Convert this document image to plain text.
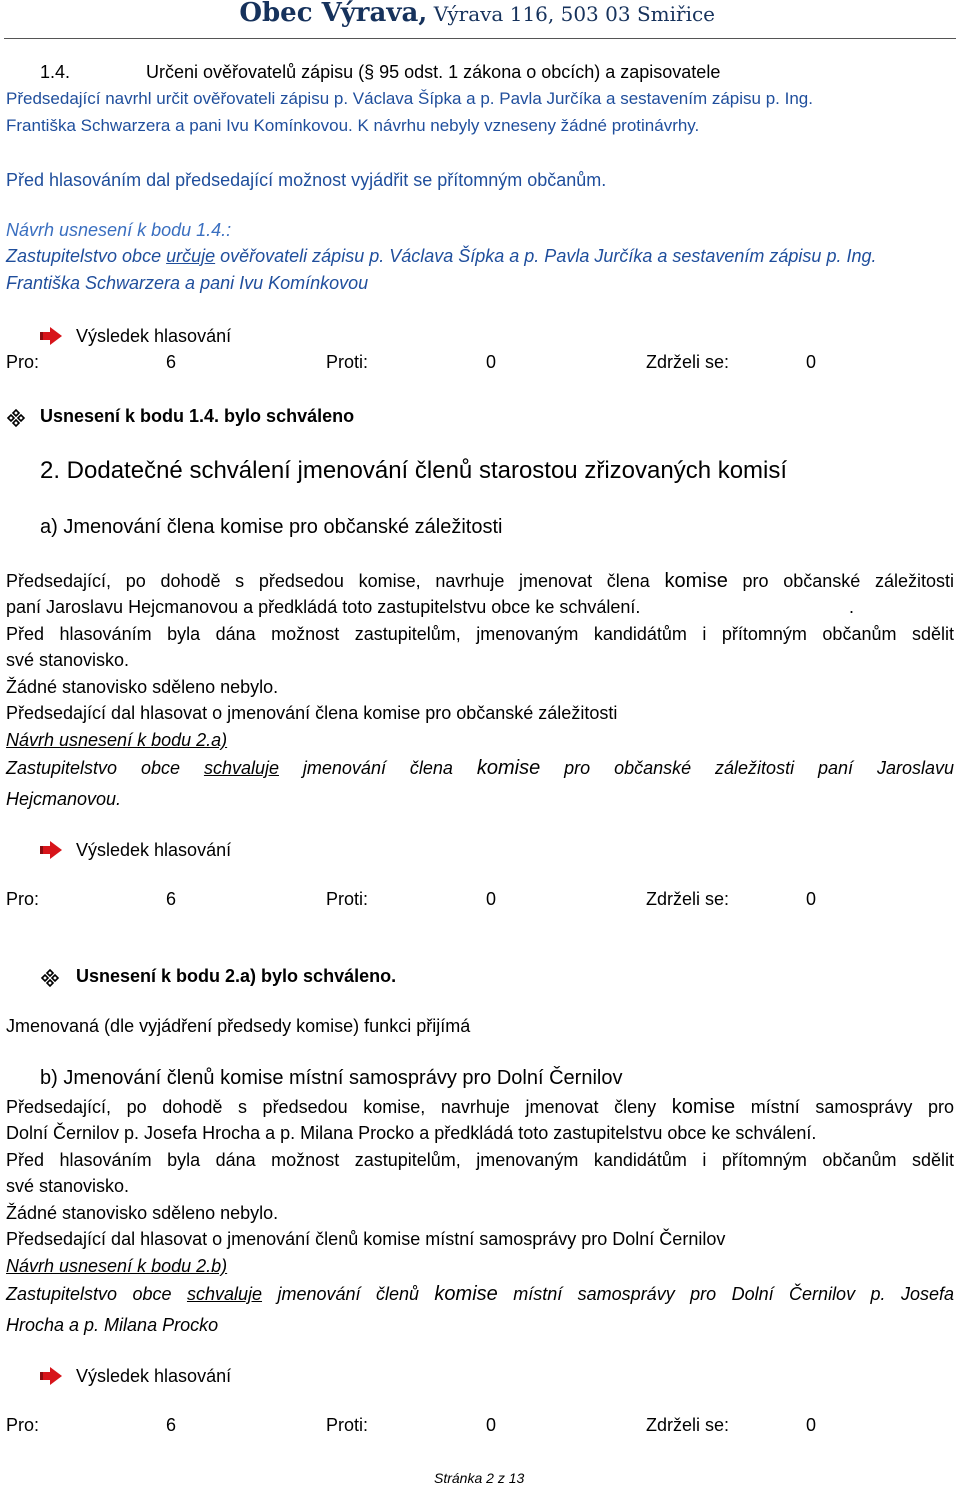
Obec Výrava, Výrava 116, 503 03 Smiřice
1.4.	Určeni ověřovatelů zápisu (§ 95 odst. 1 zákona o obcích) a zapisovatele
Předsedající navrhl určit ověřovateli zápisu p. Václava Šípka a p. Pavla Jurčíka a sestavením zápisu p. Ing.
Františka Schwarzera a pani Ivu Komínkovou. K návrhu nebyly vzneseny žádné protinávrhy.
Před hlasováním dal předsedající možnost vyjádřit se přítomným občanům.
Návrh usnesení k bodu 1.4.:
Zastupitelstvo obce určuje ověřovateli zápisu p. Václava Šípka a p. Pavla Jurčíka a sestavením zápisu p. Ing.
Františka Schwarzera a pani Ivu Komínkovou
Výsledek hlasování
Pro:	6	Proti:	0	Zdrželi se:	0
Usnesení k bodu 1.4. bylo schváleno
2. Dodatečné schválení jmenování členů starostou zřizovaných komisí
a) Jmenování člena komise pro občanské záležitosti
Předsedající, po dohodě s předsedou komise, navrhuje jmenovat člena komise pro občanské záležitosti
paní Jaroslavu Hejcmanovou a předkládá toto zastupitelstvu obce ke schválení.	.
Před hlasováním byla dána možnost zastupitelům, jmenovaným kandidátům i přítomným občanům sdělit
své stanovisko.
Žádné stanovisko sděleno nebylo.
Předsedající dal hlasovat o jmenování člena komise pro občanské záležitosti
Návrh usnesení k bodu 2.a)
Zastupitelstvo obce schvaluje jmenování člena komise pro občanské záležitosti paní Jaroslavu
Hejcmanovou.
Výsledek hlasování
Pro:	6	Proti:	0	Zdrželi se:	0
Usnesení k bodu 2.a) bylo schváleno.
Jmenovaná (dle vyjádření předsedy komise) funkci přijímá
b) Jmenování členů komise místní samosprávy pro Dolní Černilov
Předsedající, po dohodě s předsedou komise, navrhuje jmenovat členy komise místní samosprávy pro
Dolní Černilov p. Josefa Hrocha a p. Milana Procko a předkládá toto zastupitelstvu obce ke schválení.
Před hlasováním byla dána možnost zastupitelům, jmenovaným kandidátům i přítomným občanům sdělit
své stanovisko.
Žádné stanovisko sděleno nebylo.
Předsedající dal hlasovat o jmenování členů komise místní samosprávy pro Dolní Černilov
Návrh usnesení k bodu 2.b)
Zastupitelstvo obce schvaluje jmenování členů komise místní samosprávy pro Dolní Černilov p. Josefa
Hrocha a p. Milana Procko
Výsledek hlasování
Pro:	6	Proti:	0	Zdrželi se:	0
Stránka 2 z 13
